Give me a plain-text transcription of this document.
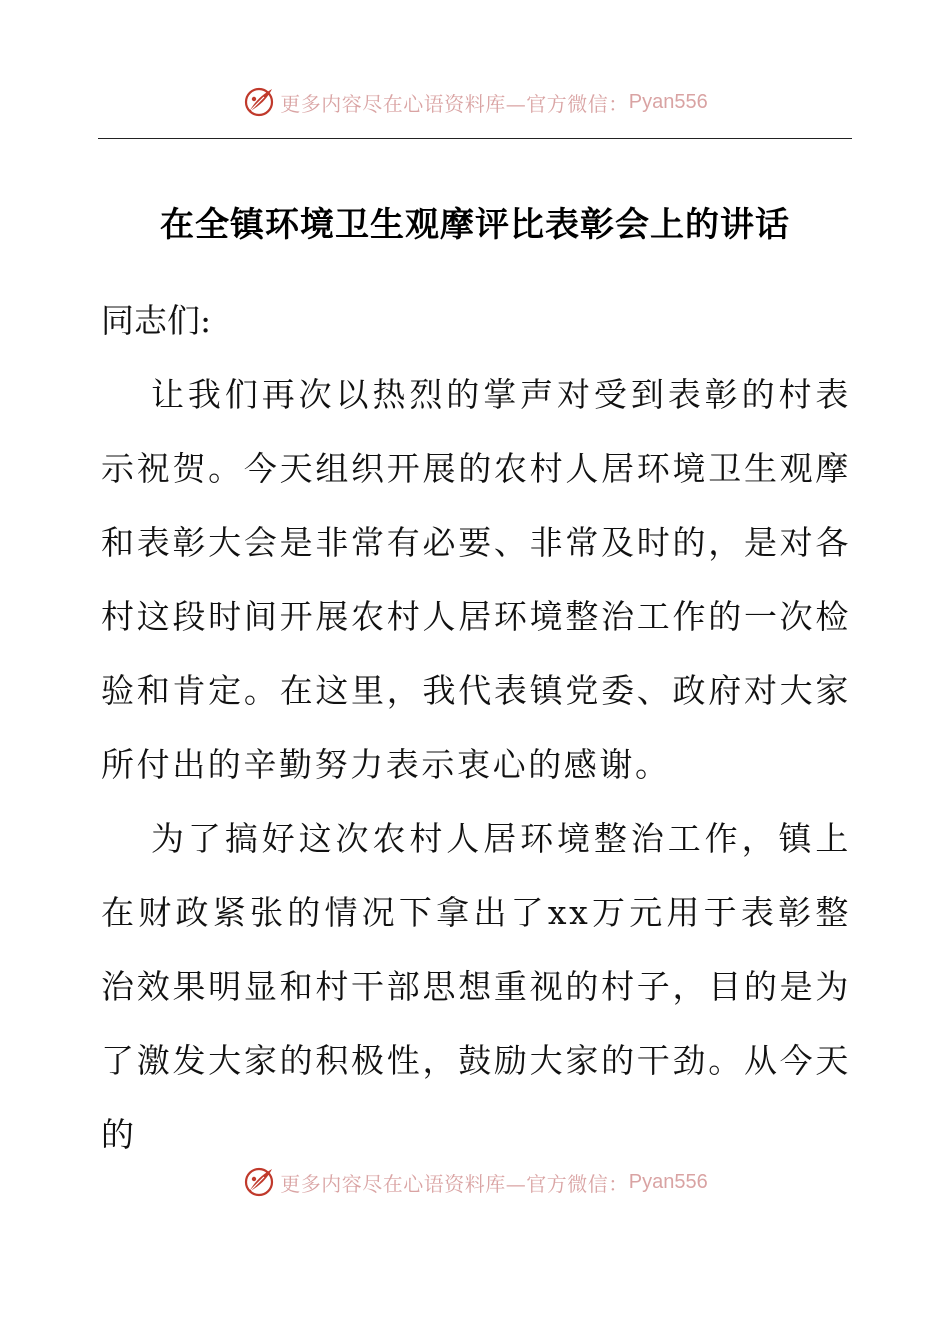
更多内容尽在心语资料库—官方微信： Pyan556
在全镇环境卫生观摩评比表彰会上的讲话

同志们:

让我们再次以热烈的掌声对受到表彰的村表示祝贺。今天组织开展的农村人居环境卫生观摩和表彰大会是非常有必要、非常及时的，是对各村这段时间开展农村人居环境整治工作的一次检验和肯定。在这里，我代表镇党委、政府对大家所付出的辛勤努力表示衷心的感谢。

为了搞好这次农村人居环境整治工作，镇上在财政紧张的情况下拿出了xx万元用于表彰整治效果明显和村干部思想重视的村子，目的是为了激发大家的积极性，鼓励大家的干劲。从今天的

更多内容尽在心语资料库—官方微信： Pyan556
